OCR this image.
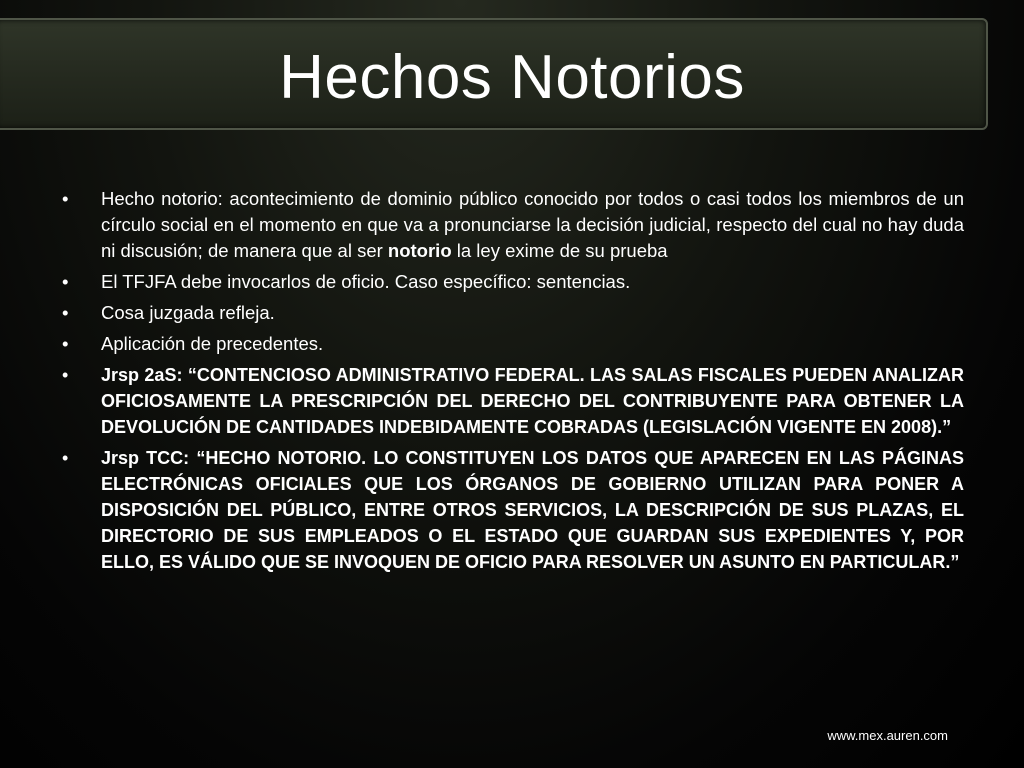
Hechos Notorios
• Hecho notorio: acontecimiento de dominio público conocido por todos o casi todos los miembros de un círculo social en el momento en que va a pronunciarse la decisión judicial, respecto del cual no hay duda ni discusión; de manera que al ser notorio la ley exime de su prueba
• El TFJFA debe invocarlos de oficio. Caso específico: sentencias.
• Cosa juzgada refleja.
• Aplicación de precedentes.
• Jrsp 2aS: “CONTENCIOSO ADMINISTRATIVO FEDERAL. LAS SALAS FISCALES PUEDEN ANALIZAR OFICIOSAMENTE LA PRESCRIPCIÓN DEL DERECHO DEL CONTRIBUYENTE PARA OBTENER LA DEVOLUCIÓN DE CANTIDADES INDEBIDAMENTE COBRADAS (LEGISLACIÓN VIGENTE EN 2008).”
• Jrsp TCC: “HECHO NOTORIO. LO CONSTITUYEN LOS DATOS QUE APARECEN EN LAS PÁGINAS ELECTRÓNICAS OFICIALES QUE LOS ÓRGANOS DE GOBIERNO UTILIZAN PARA PONER A DISPOSICIÓN DEL PÚBLICO, ENTRE OTROS SERVICIOS, LA DESCRIPCIÓN DE SUS PLAZAS, EL DIRECTORIO DE SUS EMPLEADOS O EL ESTADO QUE GUARDAN SUS EXPEDIENTES Y, POR ELLO, ES VÁLIDO QUE SE INVOQUEN DE OFICIO PARA RESOLVER UN ASUNTO EN PARTICULAR.”
www.mex.auren.com
